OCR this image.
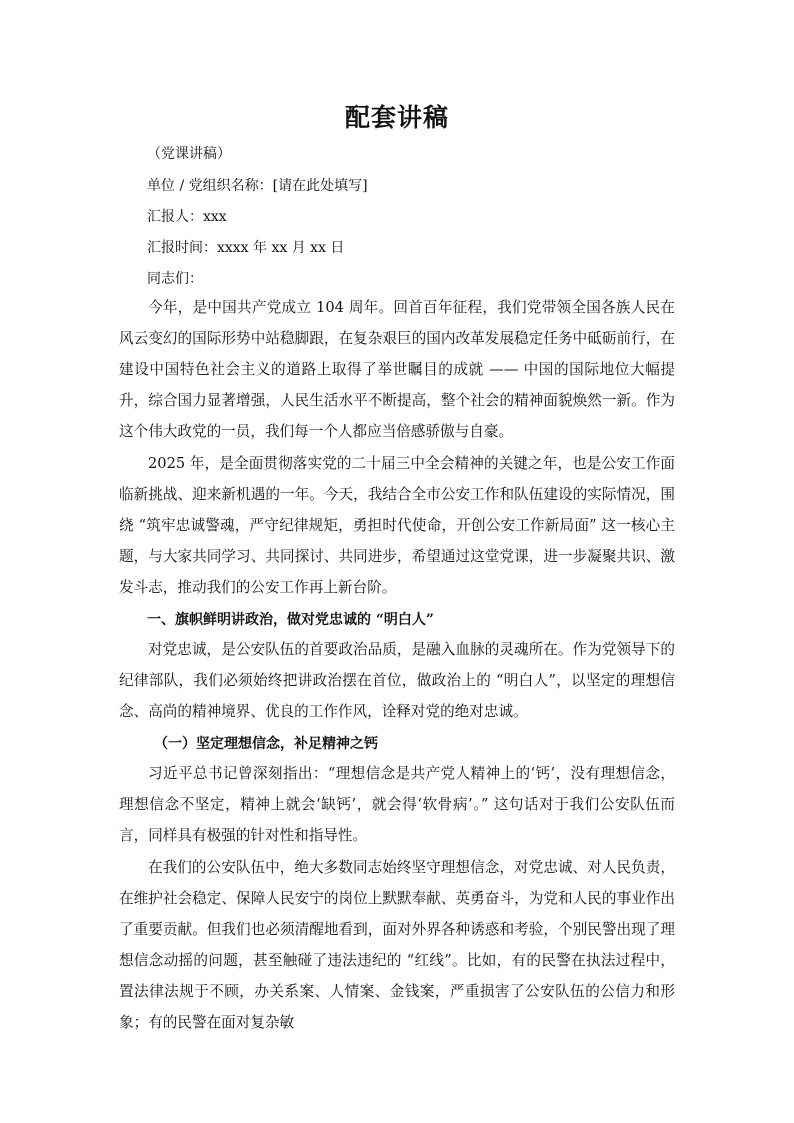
配套讲稿
（党课讲稿）
单位 / 党组织名称：[请在此处填写]
汇报人：xxx
汇报时间：xxxx 年 xx 月 xx 日
同志们：

今年，是中国共产党成立 104 周年。回首百年征程，我们党带领全国各族人民在风云变幻的国际形势中站稳脚跟，在复杂艰巨的国内改革发展稳定任务中砥砺前行，在建设中国特色社会主义的道路上取得了举世瞩目的成就 —— 中国的国际地位大幅提升，综合国力显著增强，人民生活水平不断提高，整个社会的精神面貌焕然一新。作为这个伟大政党的一员，我们每一个人都应当倍感骄傲与自豪。

2025 年，是全面贯彻落实党的二十届三中全会精神的关键之年，也是公安工作面临新挑战、迎来新机遇的一年。今天，我结合全市公安工作和队伍建设的实际情况，围绕 “筑牢忠诚警魂，严守纪律规矩，勇担时代使命，开创公安工作新局面” 这一核心主题，与大家共同学习、共同探讨、共同进步，希望通过这堂党课，进一步凝聚共识、激发斗志，推动我们的公安工作再上新台阶。

一、旗帜鲜明讲政治，做对党忠诚的 “明白人”

对党忠诚，是公安队伍的首要政治品质，是融入血脉的灵魂所在。作为党领导下的纪律部队，我们必须始终把讲政治摆在首位，做政治上的 “明白人”，以坚定的理想信念、高尚的精神境界、优良的工作作风，诠释对党的绝对忠诚。

（一）坚定理想信念，补足精神之钙

习近平总书记曾深刻指出：“理想信念是共产党人精神上的‘钙’，没有理想信念，理想信念不坚定，精神上就会‘缺钙’，就会得‘软骨病’。” 这句话对于我们公安队伍而言，同样具有极强的针对性和指导性。

在我们的公安队伍中，绝大多数同志始终坚守理想信念，对党忠诚、对人民负责，在维护社会稳定、保障人民安宁的岗位上默默奉献、英勇奋斗，为党和人民的事业作出了重要贡献。但我们也必须清醒地看到，面对外界各种诱惑和考验，个别民警出现了理想信念动摇的问题，甚至触碰了违法违纪的 “红线”。比如，有的民警在执法过程中，置法律法规于不顾，办关系案、人情案、金钱案，严重损害了公安队伍的公信力和形象；有的民警在面对复杂敏
